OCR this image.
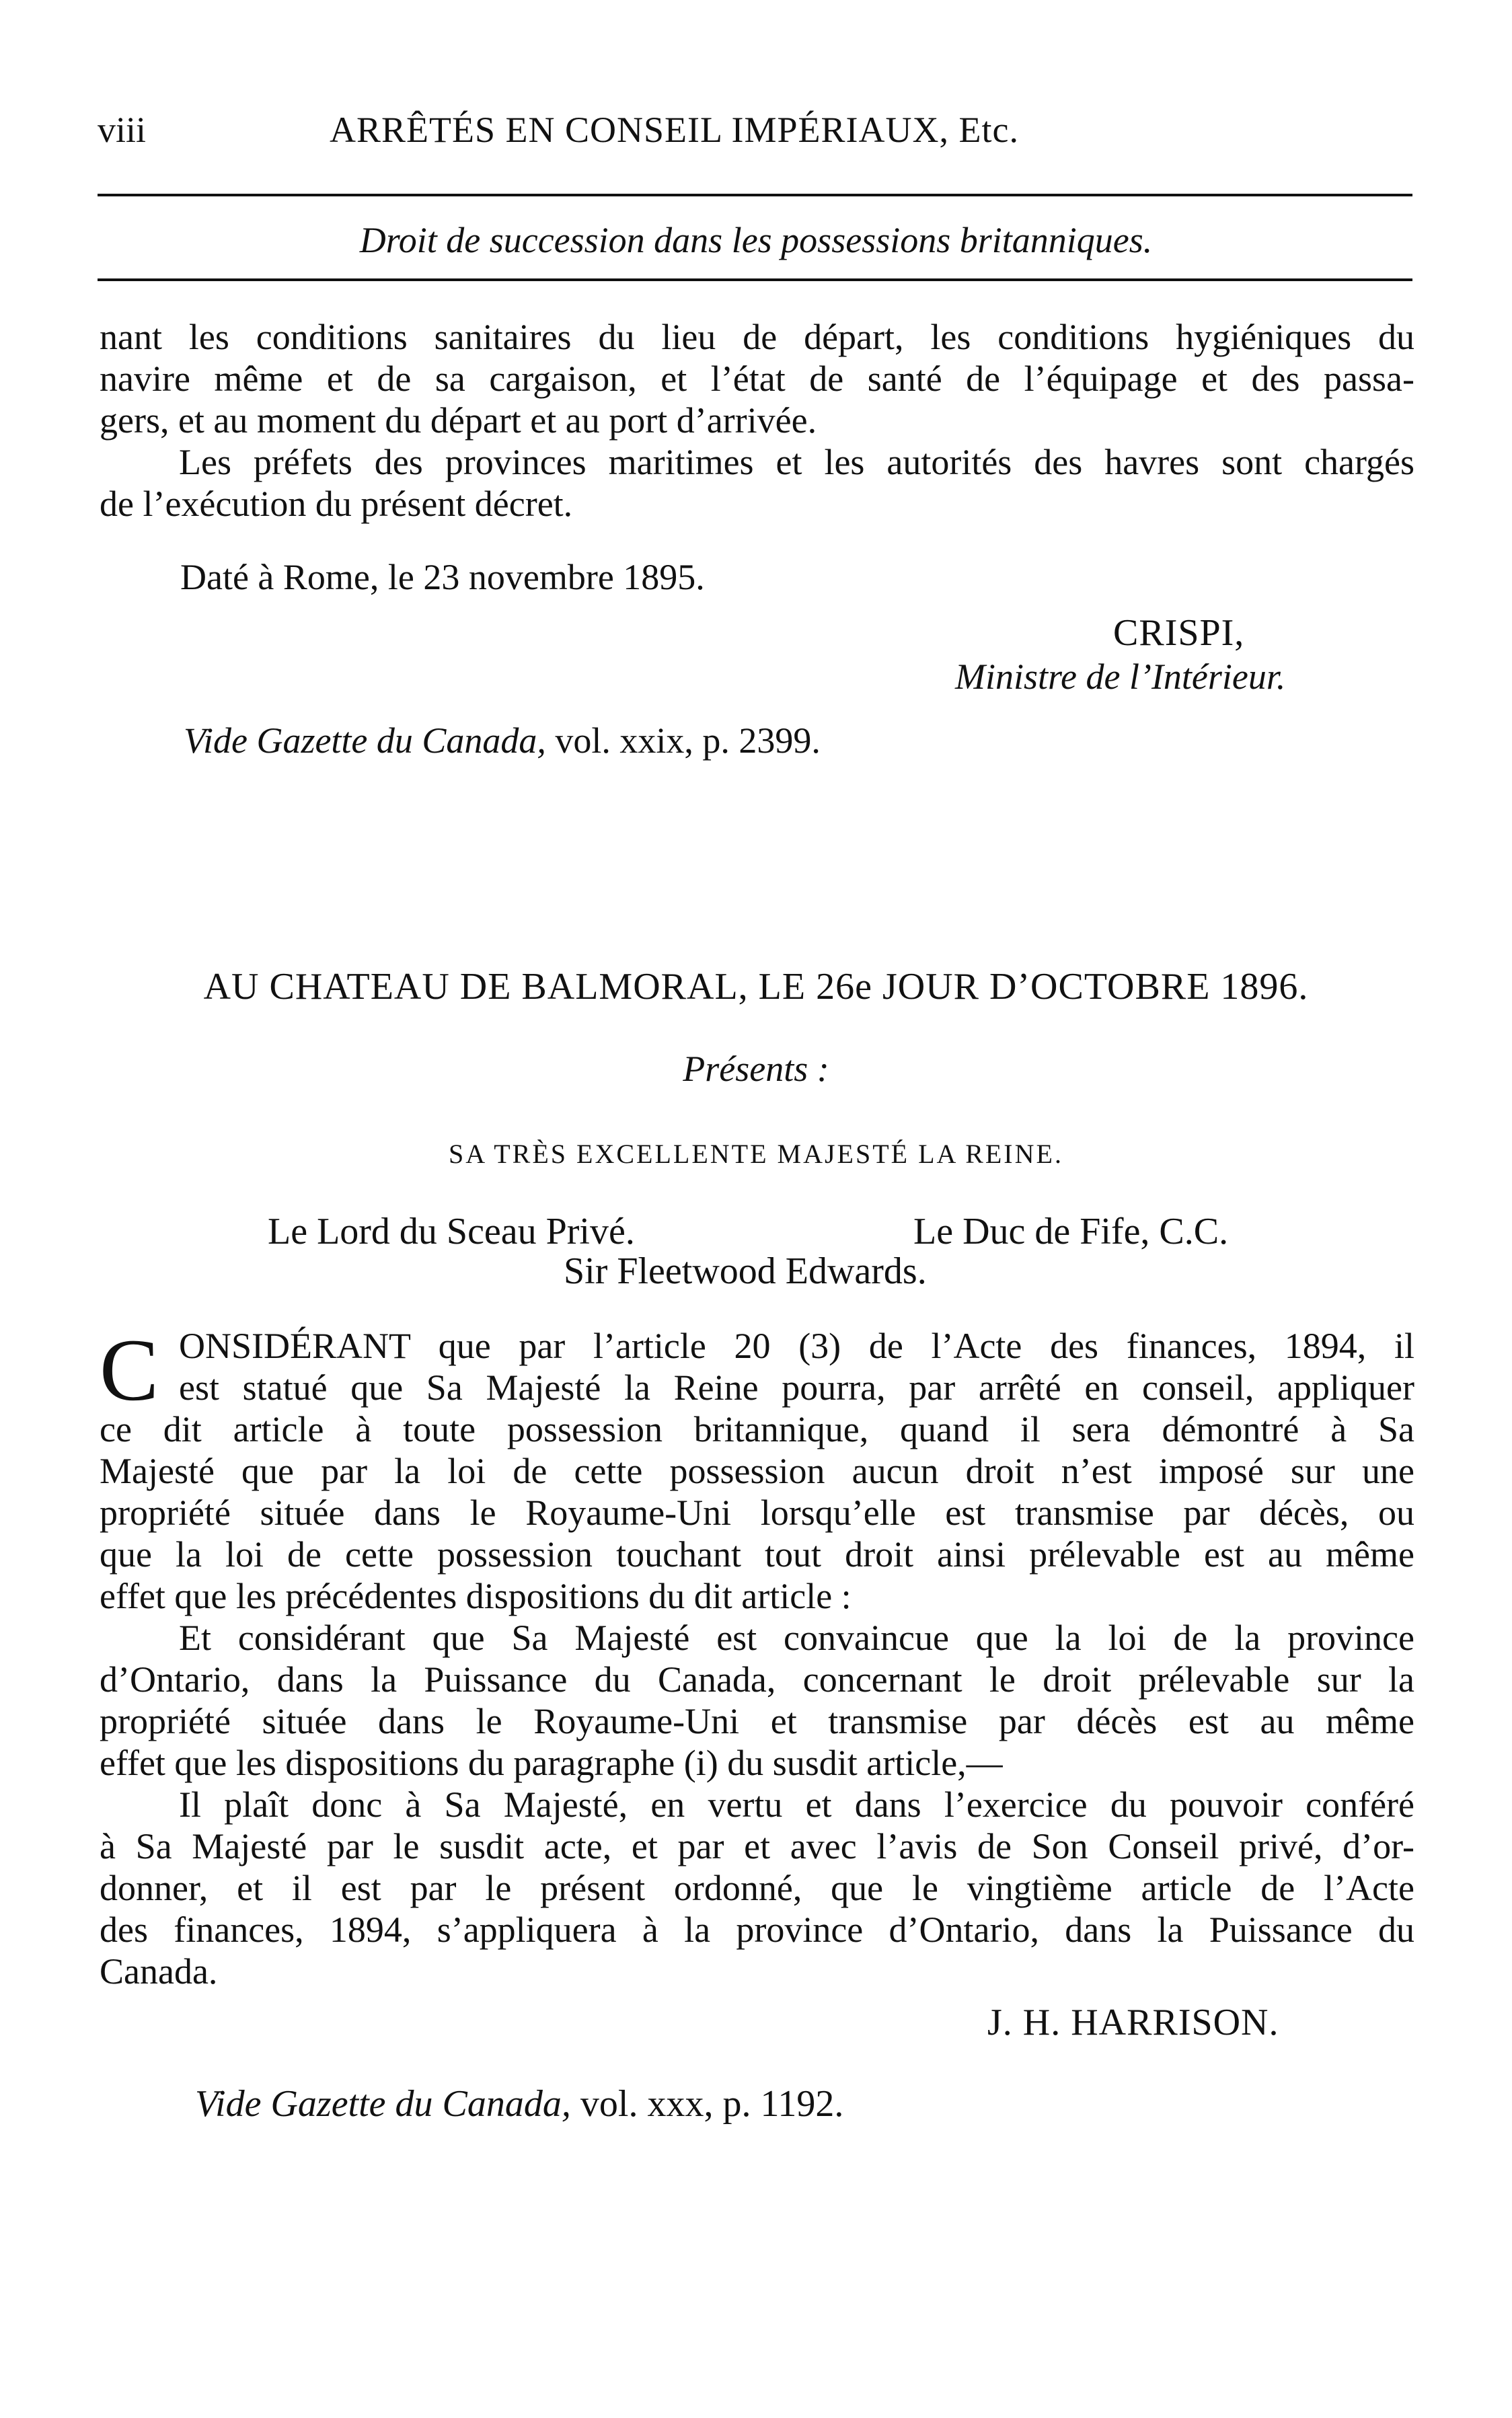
viii	ARRÊTÉS EN CONSEIL IMPÉRIAUX, Etc.
Droit de succession dans les possessions britanniques.
nant les conditions sanitaires du lieu de départ, les conditions hygiéniques du
navire même et de sa cargaison, et l’état de santé de l’équipage et des passa-
gers, et au moment du départ et au port d’arrivée.
Les préfets des provinces maritimes et les autorités des havres sont chargés
de l’exécution du présent décret.
Daté à Rome, le 23 novembre 1895.
CRISPI,
Ministre de l’Intérieur.
Vide Gazette du Canada, vol. xxix, p. 2399.
AU CHATEAU DE BALMORAL, LE 26e JOUR D’OCTOBRE 1896.
Présents :
SA TRÈS EXCELLENTE MAJESTÉ LA REINE.
Le Lord du Sceau Privé.	Le Duc de Fife, C.C.
Sir Fleetwood Edwards.
C ONSIDÉRANT que par l’article 20 (3) de l’Acte des finances, 1894, il
est statué que Sa Majesté la Reine pourra, par arrêté en conseil, appliquer
ce dit article à toute possession britannique, quand il sera démontré à Sa
Majesté que par la loi de cette possession aucun droit n’est imposé sur une
propriété située dans le Royaume-Uni lorsqu’elle est transmise par décès, ou
que la loi de cette possession touchant tout droit ainsi prélevable est au même
effet que les précédentes dispositions du dit article :
Et considérant que Sa Majesté est convaincue que la loi de la province
d’Ontario, dans la Puissance du Canada, concernant le droit prélevable sur la
propriété située dans le Royaume-Uni et transmise par décès est au même
effet que les dispositions du paragraphe (i) du susdit article,—
Il plaît donc à Sa Majesté, en vertu et dans l’exercice du pouvoir conféré
à Sa Majesté par le susdit acte, et par et avec l’avis de Son Conseil privé, d’or-
donner, et il est par le présent ordonné, que le vingtième article de l’Acte
des finances, 1894, s’appliquera à la province d’Ontario, dans la Puissance du
Canada.
J. H. HARRISON.
Vide Gazette du Canada, vol. xxx, p. 1192.
